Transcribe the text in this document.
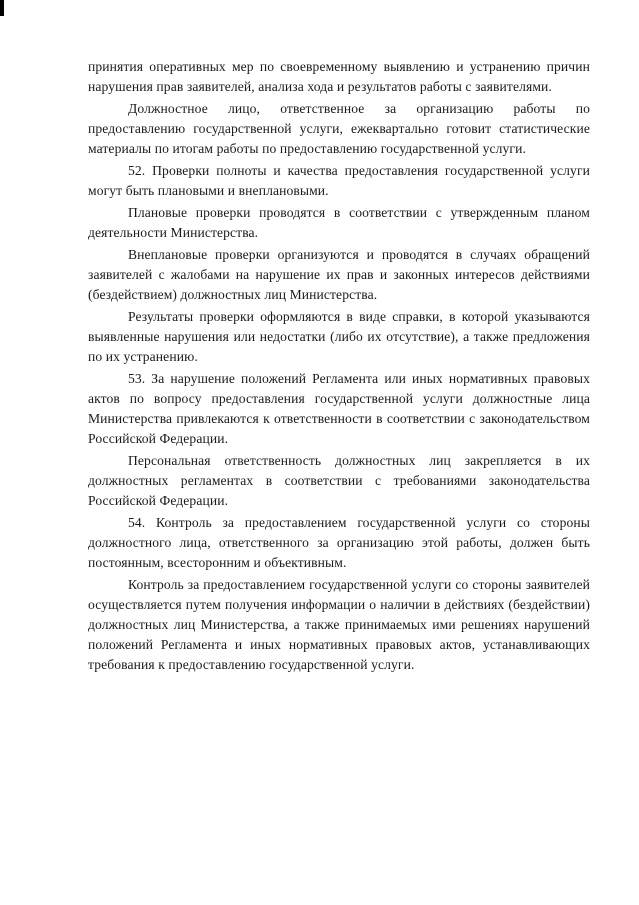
принятия оперативных мер по своевременному выявлению и устранению причин нарушения прав заявителей, анализа хода и результатов работы с заявителями.

Должностное лицо, ответственное за организацию работы по предоставлению государственной услуги, ежеквартально готовит статистические материалы по итогам работы по предоставлению государственной услуги.

52. Проверки полноты и качества предоставления государственной услуги могут быть плановыми и внеплановыми.

Плановые проверки проводятся в соответствии с утвержденным планом деятельности Министерства.

Внеплановые проверки организуются и проводятся в случаях обращений заявителей с жалобами на нарушение их прав и законных интересов действиями (бездействием) должностных лиц Министерства.

Результаты проверки оформляются в виде справки, в которой указываются выявленные нарушения или недостатки (либо их отсутствие), а также предложения по их устранению.

53. За нарушение положений Регламента или иных нормативных правовых актов по вопросу предоставления государственной услуги должностные лица Министерства привлекаются к ответственности в соответствии с законодательством Российской Федерации.

Персональная ответственность должностных лиц закрепляется в их должностных регламентах в соответствии с требованиями законодательства Российской Федерации.

54. Контроль за предоставлением государственной услуги со стороны должностного лица, ответственного за организацию этой работы, должен быть постоянным, всесторонним и объективным.

Контроль за предоставлением государственной услуги со стороны заявителей осуществляется путем получения информации о наличии в действиях (бездействии) должностных лиц Министерства, а также принимаемых ими решениях нарушений положений Регламента и иных нормативных правовых актов, устанавливающих требования к предоставлению государственной услуги.
